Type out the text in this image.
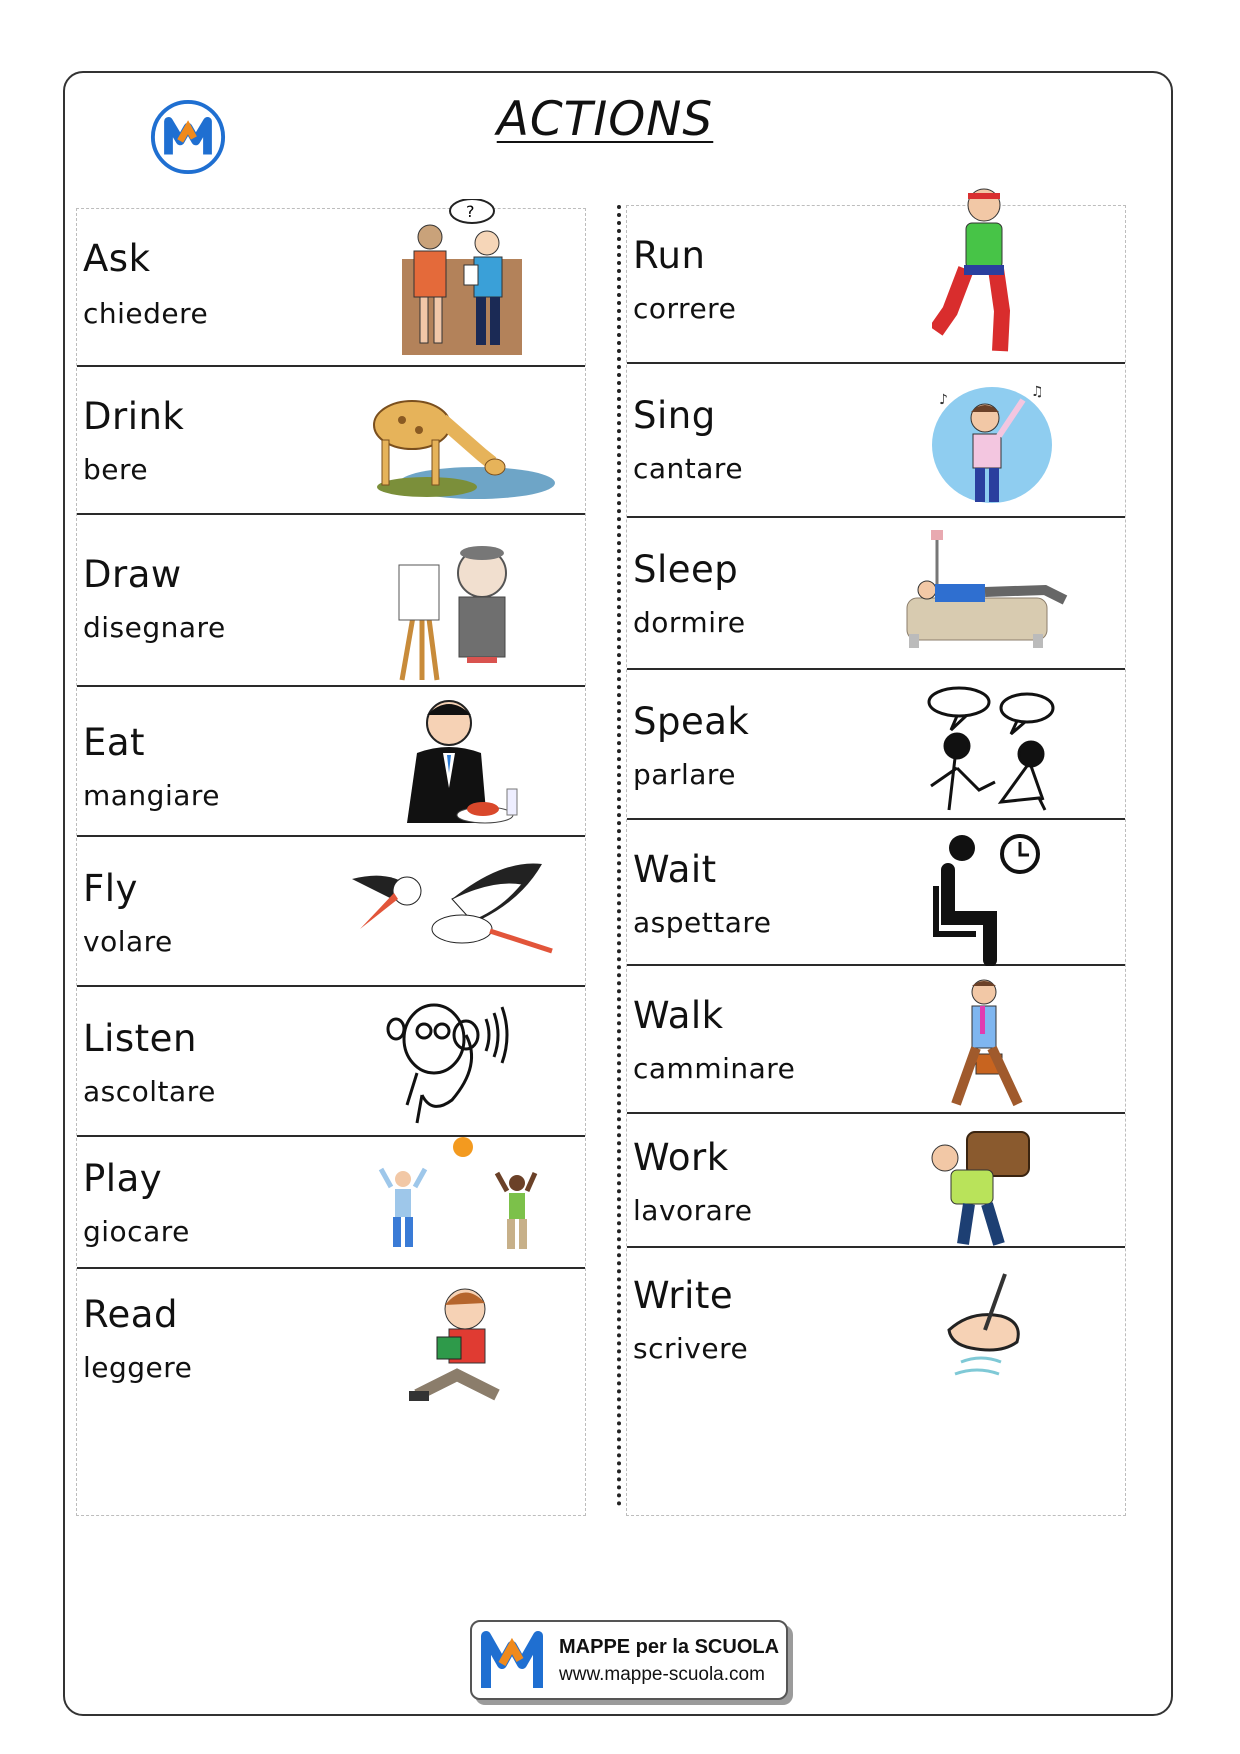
ACTIONS
Ask
chiedere
?
Drink
bere
Draw
disegnare
Eat
mangiare
Fly
volare
Listen
ascoltare
Play
giocare
Read
leggere
Run
correre
Sing
cantare
♪	♫
Sleep
dormire
Speak
parlare
Wait
aspettare
Walk
camminare
Work
lavorare
Write
scrivere
MAPPE per la SCUOLA
www.mappe-scuola.com
